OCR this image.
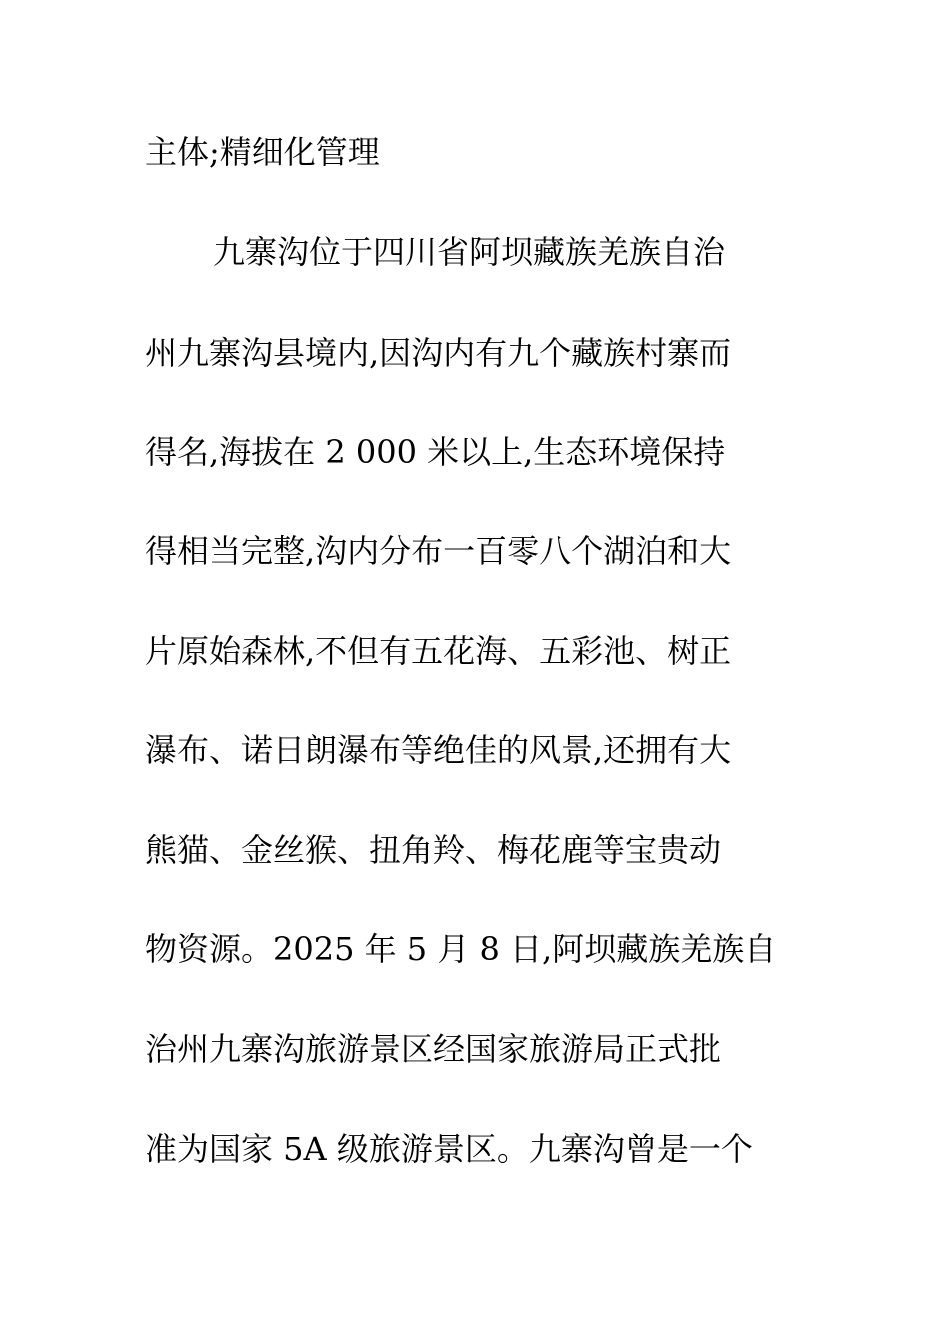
主体;精细化管理
九寨沟位于四川省阿坝藏族羌族自治
州九寨沟县境内,因沟内有九个藏族村寨而
得名,海拔在 2 000 米以上,生态环境保持
得相当完整,沟内分布一百零八个湖泊和大
片原始森林,不但有五花海、五彩池、树正
瀑布、诺日朗瀑布等绝佳的风景,还拥有大
熊猫、金丝猴、扭角羚、梅花鹿等宝贵动
物资源。2025 年 5 月 8 日,阿坝藏族羌族自
治州九寨沟旅游景区经国家旅游局正式批
准为国家 5A 级旅游景区。九寨沟曾是一个
